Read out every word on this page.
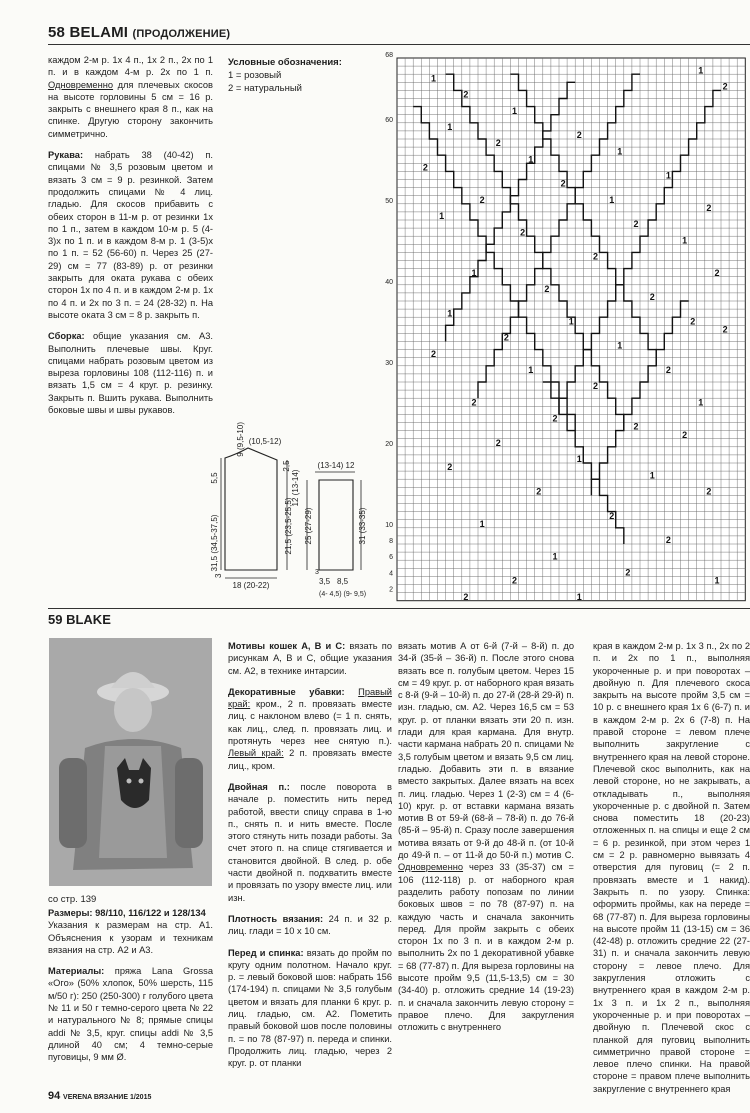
58 BELAMI (ПРОДОЛЖЕНИЕ)

каждом 2-м р. 1х 4 п., 1х 2 п., 2х по 1 п. и в каждом 4-м р. 2х по 1 п. Одновременно для плечевых скосов на высоте горловины 5 см = 16 р. закрыть с внешнего края 8 п., как на спинке. Другую сторону закончить симметрично.

Рукава: набрать 38 (40-42) п. спицами № 3,5 розовым цветом и вязать 3 см = 9 р. резинкой. Затем продолжить спицами № 4 лиц. гладью. Для скосов прибавить с обеих сторон в 11-м р. от резинки 1х по 1 п., затем в каждом 10-м р. 5 (4-3)х по 1 п. и в каждом 8-м р. 1 (3-5)х по 1 п. = 52 (56-60) п. Через 25 (27-29) см = 77 (83-89) р. от резинки закрыть для оката рукава с обеих сторон 1х по 4 п. и в каждом 2-м р. 1х по 4 п. и 2х по 3 п. = 24 (28-32) п. На высоте оката 3 см = 8 р. закрыть п.

Сборка: общие указания см. А3. Выполнить плечевые швы. Круг. спицами набрать розовым цветом из выреза горловины 108 (112-116) п. и вязать 1,5 см = 4 круг. р. резинку. Закрыть п. Вшить рукава. Выполнить боковые швы и швы рукавов.

Условные обозначения:
1 = розовый
2 = натуральный
68
60
50
40
30
20
10
8
6
4
2
1
2
1
2
1
1
2
2
1
1
2
2
1
2	1
2
1
2
2
1
2
1	2
2
2
1
1	2
2
1
2
2
1	2
2
2	1
2
2
2
2
1
2
1
2	2
2
1
2
1
2
2	1
1
2
(10,5-12)
9 (9,5-10)
5,5
31,5 (34,5-37,5)	21,5 (23,5-25,5)
12 (13-14)
2,5	(13-14) 12
25 (27-29)	31 (33-35)
18 (20-22)	3,5 8,5
(4- 4,5) (9- 9,5)
3	3
59 BLAKE
со стр. 139

Размеры: 98/110, 116/122 и 128/134
Указания к размерам на стр. А1. Объяснения к узорам и техникам вязания на стр. А2 и А3.

Материалы: пряжа Lana Grossa «Ого» (50% хлопок, 50% шерсть, 115 м/50 г): 250 (250-300) г голубого цвета № 11 и 50 г темно-серого цвета № 22 и натурального № 8; прямые спицы addi № 3,5, круг. спицы addi № 3,5 длиной 40 см; 4 темно-серые пуговицы, 9 мм Ø.

Мотивы кошек A, B и C: вязать по рисункам A, B и C, общие указания см. А2, в технике интарсии.

Декоративные убавки: Правый край: кром., 2 п. провязать вместе лиц. с наклоном влево (= 1 п. снять, как лиц., след. п. провязать лиц. и протянуть через нее снятую п.). Левый край: 2 п. провязать вместе лиц., кром.

Двойная п.: после поворота в начале р. поместить нить перед работой, ввести спицу справа в 1-ю п., снять п. и нить вместе. После этого стянуть нить позади работы. За счет этого п. на спице стягивается и становится двойной. В след. р. обе части двойной п. подхватить вместе и провязать по узору вместе лиц. или изн.

Плотность вязания: 24 п. и 32 р. лиц. глади = 10 х 10 см.

Перед и спинка: вязать до пройм по кругу одним полотном. Начало круг. р. = левый боковой шов: набрать 156 (174-194) п. спицами № 3,5 голубым цветом и вязать для планки 6 круг. р. лиц. гладью, см. А2. Пометить правый боковой шов после половины п. = по 78 (87-97) п. переда и спинки. Продолжить лиц. гладью, через 2 круг. р. от планки

вязать мотив А от 6-й (7-й – 8-й) п. до 34-й (35-й – 36-й) п. После этого снова вязать все п. голубым цветом. Через 15 см = 49 круг. р. от наборного края вязать с 8-й (9-й – 10-й) п. до 27-й (28-й 29-й) п. изн. гладью, см. А2. Через 16,5 см = 53 круг. р. от планки вязать эти 20 п. изн. глади для края кармана. Для внутр. части кармана набрать 20 п. спицами № 3,5 голубым цветом и вязать 9,5 см лиц. гладью. Добавить эти п. в вязание вместо закрытых. Далее вязать на всех п. лиц. гладью. Через 1 (2-3) см = 4 (6-10) круг. р. от вставки кармана вязать мотив В от 59-й (68-й – 78-й) п. до 76-й (85-й – 95-й) п. Сразу после завершения мотива вязать от 9-й до 48-й п. (от 10-й до 49-й п. – от 11-й до 50-й п.) мотив С. Одновременно через 33 (35-37) см = 106 (112-118) р. от наборного края разделить работу попозам по линии боковых швов = по 78 (87-97) п. на каждую часть и сначала закончить перед. Для пройм закрыть с обеих сторон 1х по 3 п. и в каждом 2-м р. выполнить 2х по 1 декоративной убавке = 68 (77-87) п. Для выреза горловины на высоте пройм 9,5 (11,5-13,5) см = 30 (34-40) р. отложить средние 14 (19-23) п. и сначала закончить левую сторону = правое плечо. Для закругления отложить с внутреннего

края в каждом 2-м р. 1х 3 п., 2х по 2 п. и 2х по 1 п., выполняя укороченные р. и при поворотах – двойную п. Для плечевого скоса закрыть на высоте пройм 3,5 см = 10 р. с внешнего края 1х 6 (6-7) п. и в каждом 2-м р. 2х 6 (7-8) п. На правой стороне = левом плече выполнить закругление с внутреннего края на левой стороне. Плечевой скос выполнить, как на левой стороне, но не закрывать, а откладывать п., выполняя укороченные р. с двойной п. Затем снова поместить 18 (20-23) отложенных п. на спицы и еще 2 см = 6 р. резинкой, при этом через 1 см = 2 р. равномерно вывязать 4 отверстия для пуговиц (= 2 п. провязать вместе и 1 накид). Закрыть п. по узору. Спинка: оформить проймы, как на переде = 68 (77-87) п. Для выреза горловины на высоте пройм 11 (13-15) см = 36 (42-48) р. отложить средние 22 (27-31) п. и сначала закончить левую сторону = левое плечо. Для закругления отложить с внутреннего края в каждом 2-м р. 1х 3 п. и 1х 2 п., выполняя укороченные р. и при поворотах – двойную п. Плечевой скос с планкой для пуговиц выполнить симметрично правой стороне = левое плечо спинки. На правой стороне = правом плече выполнить закругление с внутреннего края

94 VERENA ВЯЗАНИЕ 1/2015
